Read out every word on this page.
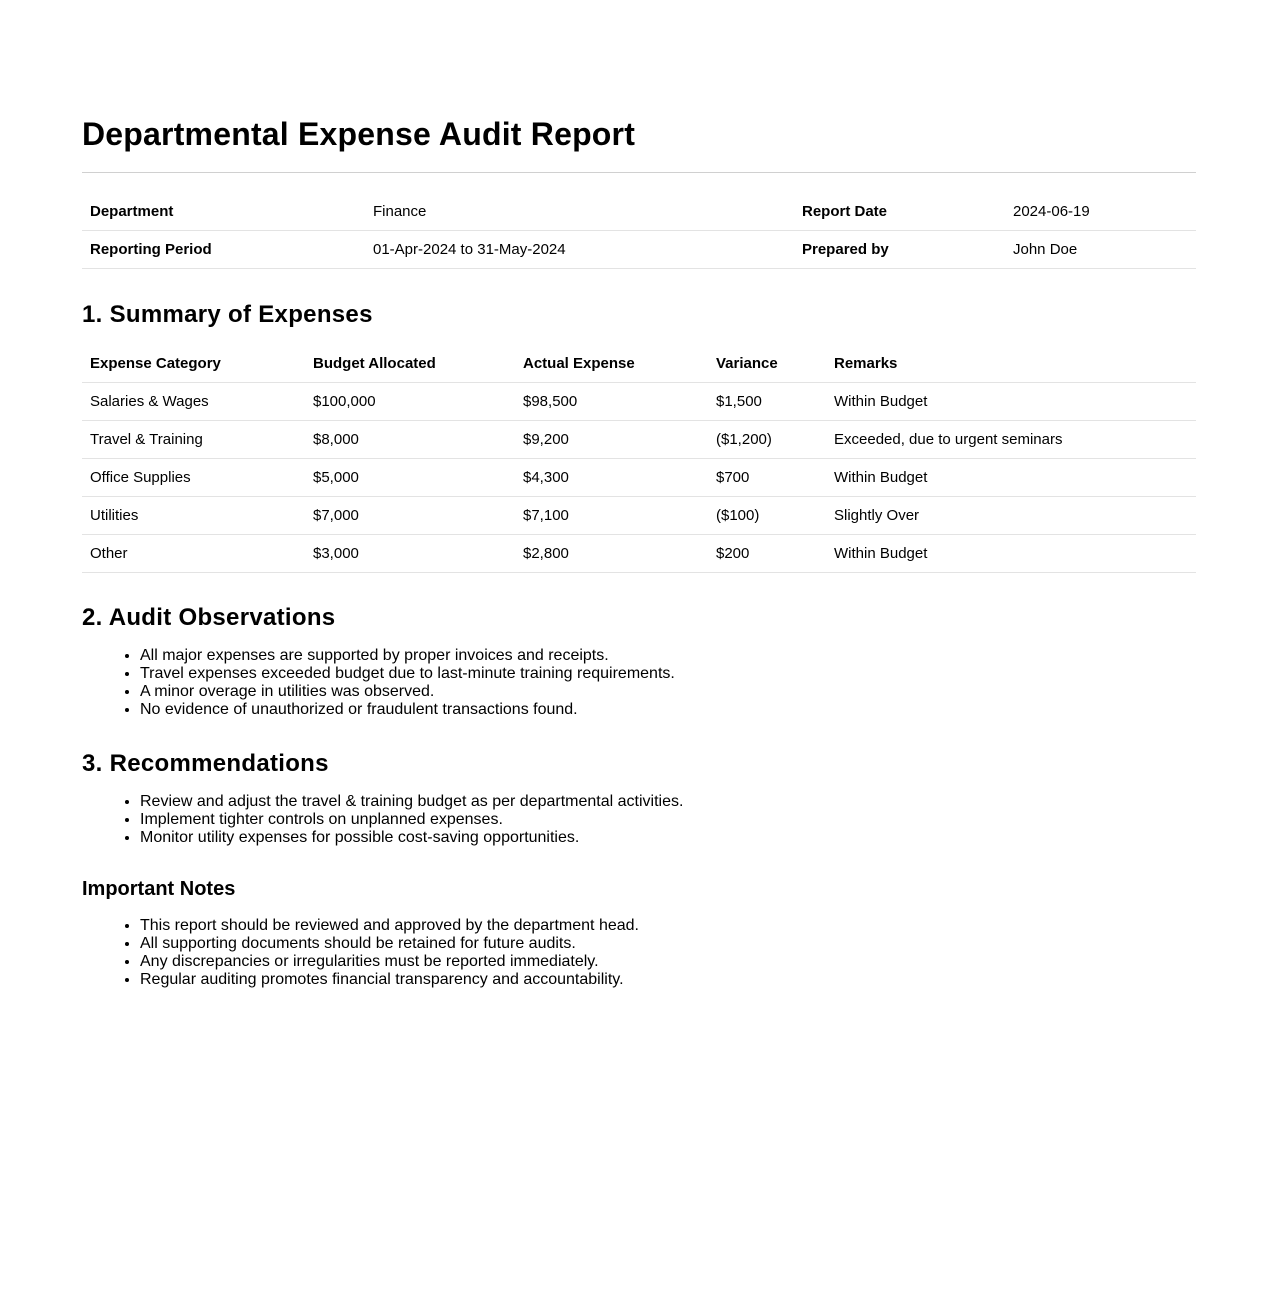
Departmental Expense Audit Report
Department	Finance	Report Date	2024-06-19
Reporting Period	01-Apr-2024 to 31-May-2024	Prepared by	John Doe
1. Summary of Expenses
Expense Category	Budget Allocated	Actual Expense	Variance	Remarks
Salaries & Wages	$100,000	$98,500	$1,500	Within Budget
Travel & Training	$8,000	$9,200	($1,200)	Exceeded, due to urgent seminars
Office Supplies	$5,000	$4,300	$700	Within Budget
Utilities	$7,000	$7,100	($100)	Slightly Over
Other	$3,000	$2,800	$200	Within Budget
2. Audit Observations
• All major expenses are supported by proper invoices and receipts.
• Travel expenses exceeded budget due to last-minute training requirements.
• A minor overage in utilities was observed.
• No evidence of unauthorized or fraudulent transactions found.
3. Recommendations
• Review and adjust the travel & training budget as per departmental activities.
• Implement tighter controls on unplanned expenses.
• Monitor utility expenses for possible cost-saving opportunities.
Important Notes
• This report should be reviewed and approved by the department head.
• All supporting documents should be retained for future audits.
• Any discrepancies or irregularities must be reported immediately.
• Regular auditing promotes financial transparency and accountability.
